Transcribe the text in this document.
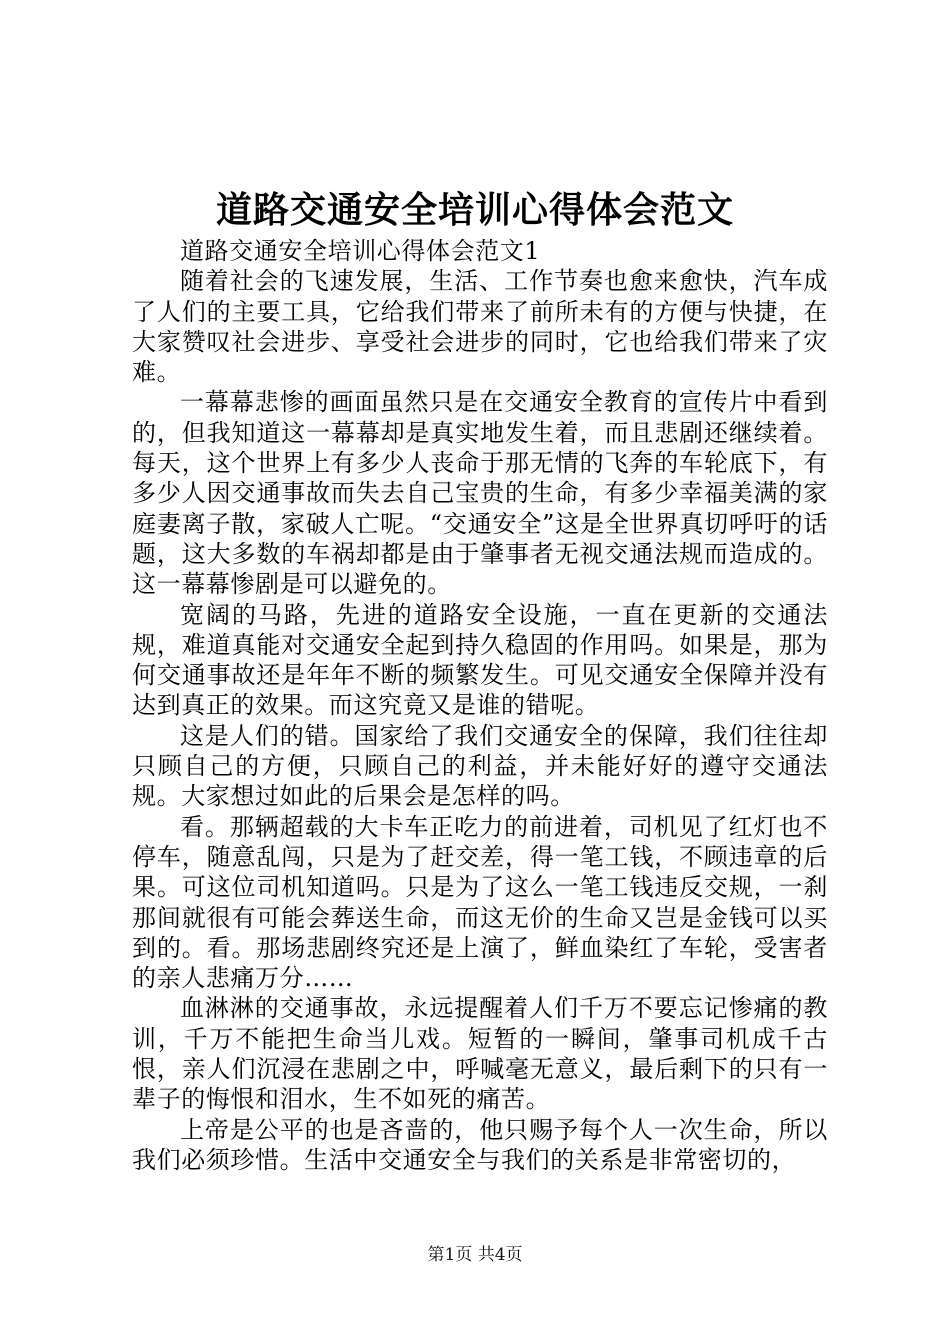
道路交通安全培训心得体会范文

道路交通安全培训心得体会范文1

随着社会的飞速发展，生活、工作节奏也愈来愈快，汽车成了人们的主要工具，它给我们带来了前所未有的方便与快捷，在大家赞叹社会进步、享受社会进步的同时，它也给我们带来了灾难。

一幕幕悲惨的画面虽然只是在交通安全教育的宣传片中看到的，但我知道这一幕幕却是真实地发生着，而且悲剧还继续着。每天，这个世界上有多少人丧命于那无情的飞奔的车轮底下，有多少人因交通事故而失去自己宝贵的生命，有多少幸福美满的家庭妻离子散，家破人亡呢。“交通安全”这是全世界真切呼吁的话题，这大多数的车祸却都是由于肇事者无视交通法规而造成的。这一幕幕惨剧是可以避免的。

宽阔的马路，先进的道路安全设施，一直在更新的交通法规，难道真能对交通安全起到持久稳固的作用吗。如果是，那为何交通事故还是年年不断的频繁发生。可见交通安全保障并没有达到真正的效果。而这究竟又是谁的错呢。

这是人们的错。国家给了我们交通安全的保障，我们往往却只顾自己的方便，只顾自己的利益，并未能好好的遵守交通法规。大家想过如此的后果会是怎样的吗。

看。那辆超载的大卡车正吃力的前进着，司机见了红灯也不停车，随意乱闯，只是为了赶交差，得一笔工钱，不顾违章的后果。可这位司机知道吗。只是为了这么一笔工钱违反交规，一刹那间就很有可能会葬送生命，而这无价的生命又岂是金钱可以买到的。看。那场悲剧终究还是上演了，鲜血染红了车轮，受害者的亲人悲痛万分……

血淋淋的交通事故，永远提醒着人们千万不要忘记惨痛的教训，千万不能把生命当儿戏。短暂的一瞬间，肇事司机成千古恨，亲人们沉浸在悲剧之中，呼喊毫无意义，最后剩下的只有一辈子的悔恨和泪水，生不如死的痛苦。

上帝是公平的也是吝啬的，他只赐予每个人一次生命，所以我们必须珍惜。生活中交通安全与我们的关系是非常密切的，

第1页 共4页
